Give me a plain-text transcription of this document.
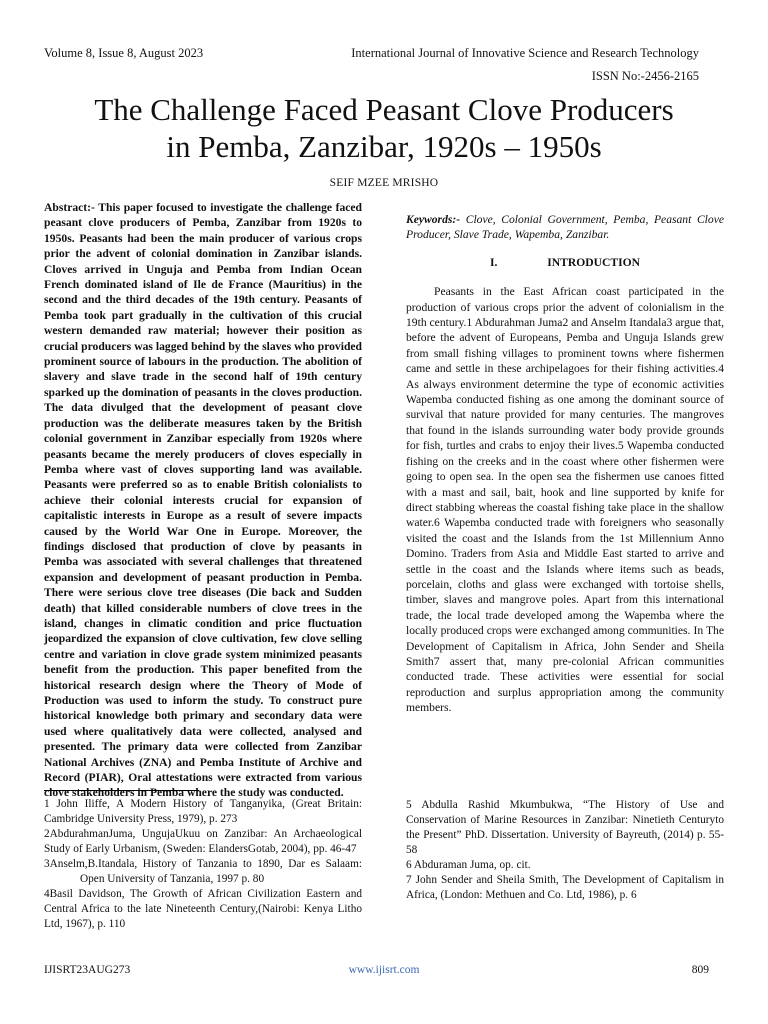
Volume 8, Issue 8, August 2023	International Journal of Innovative Science and Research Technology
ISSN No:-2456-2165
The Challenge Faced Peasant Clove Producers
in Pemba, Zanzibar, 1920s – 1950s
SEIF MZEE MRISHO

Abstract:- This paper focused to investigate the challenge faced peasant clove producers of Pemba, Zanzibar from 1920s to 1950s. Peasants had been the main producer of various crops prior the advent of colonial domination in Zanzibar islands. Cloves arrived in Unguja and Pemba from Indian Ocean French dominated island of Ile de France (Mauritius) in the second and the third decades of the 19th century. Peasants of Pemba took part gradually in the cultivation of this crucial western demanded raw material; however their position as crucial producers was lagged behind by the slaves who provided prominent source of labours in the production. The abolition of slavery and slave trade in the second half of 19th century sparked up the domination of peasants in the cloves production. The data divulged that the development of peasant clove production was the deliberate measures taken by the British colonial government in Zanzibar especially from 1920s where peasants became the merely producers of cloves especially in Pemba where vast of cloves supporting land was available. Peasants were preferred so as to enable British colonialists to achieve their colonial interests crucial for expansion of capitalistic interests in Europe as a result of severe impacts caused by the World War One in Europe. Moreover, the findings disclosed that production of clove by peasants in Pemba was associated with several challenges that threatened expansion and development of peasant production in Pemba. There were serious clove tree diseases (Die back and Sudden death) that killed considerable numbers of clove trees in the island, changes in climatic condition and price fluctuation jeopardized the expansion of clove cultivation, few clove selling centre and variation in clove grade system minimized peasants benefit from the production. This paper benefited from the historical research design where the Theory of Mode of Production was used to inform the study. To construct pure historical knowledge both primary and secondary data were used where qualitatively data were collected, analysed and presented. The primary data were collected from Zanzibar National Archives (ZNA) and Pemba Institute of Archive and Record (PIAR), Oral attestations were extracted from various clove stakeholders in Pemba where the study was conducted.

Keywords:- Clove, Colonial Government, Pemba, Peasant Clove Producer, Slave Trade, Wapemba, Zanzibar.

I.	INTRODUCTION

Peasants in the East African coast participated in the production of various crops prior the advent of colonialism in the 19th century.1 Abdurahman Juma2 and Anselm Itandala3 argue that, before the advent of Europeans, Pemba and Unguja Islands grew from small fishing villages to prominent towns where fishermen came and settle in these archipelagoes for their fishing activities.4 As always environment determine the type of economic activities Wapemba conducted fishing as one among the dominant source of survival that nature provided for many centuries. The mangroves that found in the islands surrounding water body provide grounds for fish, turtles and crabs to enjoy their lives.5 Wapemba conducted fishing on the creeks and in the coast where other fishermen were going to open sea. In the open sea the fishermen use canoes fitted with a mast and sail, bait, hook and line supported by knife for direct stabbing whereas the coastal fishing take place in the shallow water.6 Wapemba conducted trade with foreigners who seasonally visited the coast and the Islands from the 1st Millennium Anno Domino. Traders from Asia and Middle East started to arrive and settle in the coast and the Islands where items such as beads, porcelain, cloths and glass were exchanged with tortoise shells, timber, slaves and mangrove poles. Apart from this international trade, the local trade developed among the Wapemba where the locally produced crops were exchanged among communities. In The Development of Capitalism in Africa, John Sender and Sheila Smith7 assert that, many pre-colonial African communities conducted trade. These activities were essential for social reproduction and surplus appropriation among the community members.

1 John Iliffe, A Modern History of Tanganyika, (Great Britain: Cambridge University Press, 1979), p. 273

2AbdurahmanJuma, UngujaUkuu on Zanzibar: An Archaeological Study of Early Urbanism, (Sweden: ElandersGotab, 2004), pp. 46-47

3Anselm,B.Itandala, History of Tanzania to 1890, Dar es Salaam: Open University of Tanzania, 1997 p. 80

4Basil Davidson, The Growth of African Civilization Eastern and Central Africa to the late Nineteenth Century,(Nairobi: Kenya Litho Ltd, 1967), p. 110

5 Abdulla Rashid Mkumbukwa, “The History of Use and Conservation of Marine Resources in Zanzibar: Ninetieth Centuryto the Present” PhD. Dissertation. University of Bayreuth, (2014) p. 55-58

6 Abduraman Juma, op. cit.

7 John Sender and Sheila Smith, The Development of Capitalism in Africa, (London: Methuen and Co. Ltd, 1986), p. 6

IJISRT23AUG273	www.ijisrt.com	809
